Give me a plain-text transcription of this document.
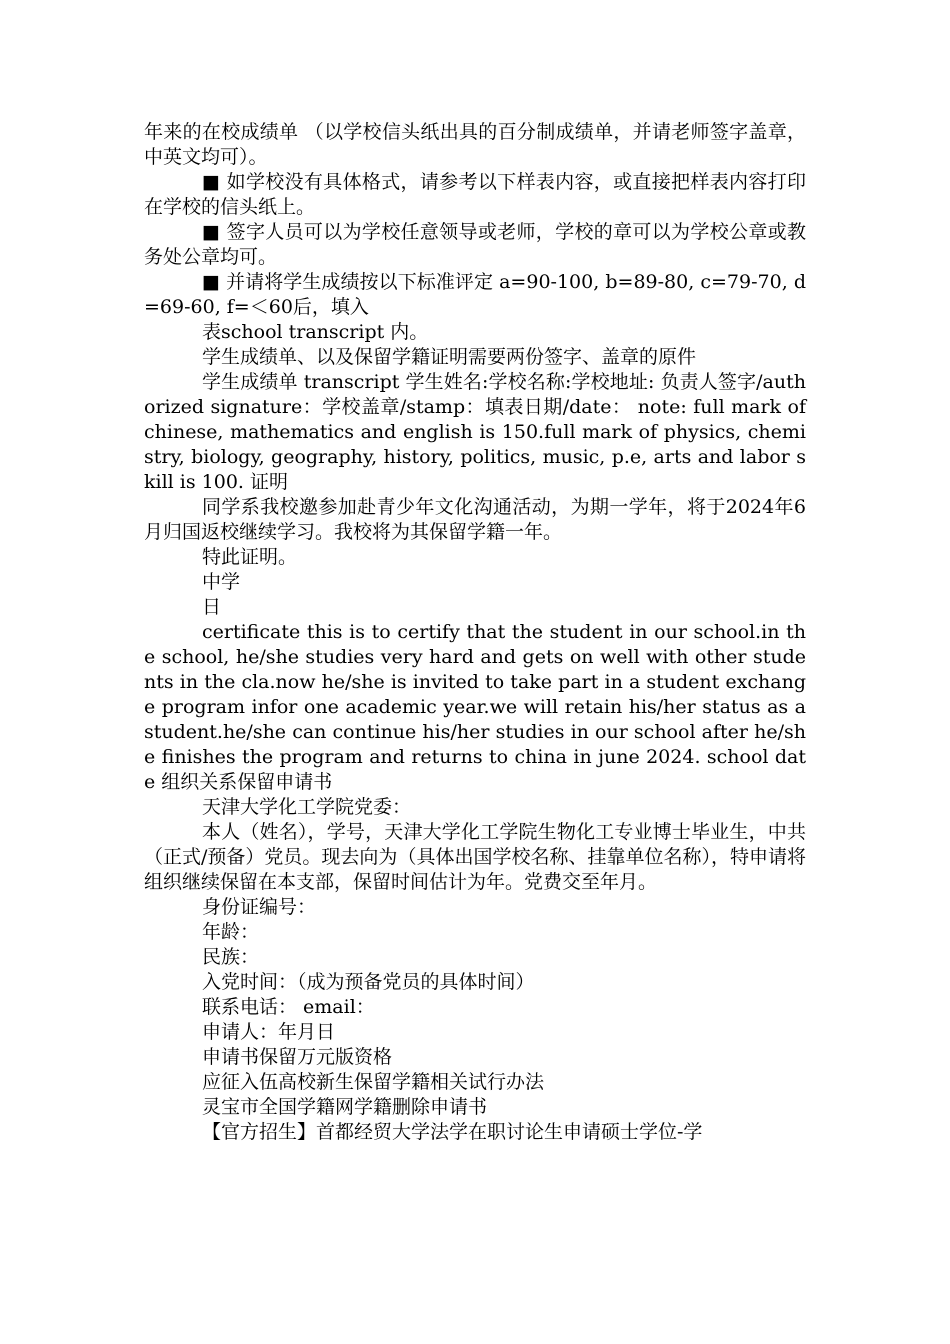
年来的在校成绩单 （以学校信头纸出具的百分制成绩单，并请老师签字盖章，中英文均可）。

■ 如学校没有具体格式，请参考以下样表内容，或直接把样表内容打印在学校的信头纸上。

■ 签字人员可以为学校任意领导或老师，学校的章可以为学校公章或教务处公章均可。

■ 并请将学生成绩按以下标准评定 a=90-100, b=89-80, c=79-70, d=69-60, f=＜60后，填入

表school transcript 内。

学生成绩单、以及保留学籍证明需要两份签字、盖章的原件

学生成绩单 transcript 学生姓名:学校名称:学校地址: 负责人签字/authorized signature：学校盖章/stamp：填表日期/date： note: full mark of chinese, mathematics and english is 150.full mark of physics, chemistry, biology, geography, history, politics, music, p.e, arts and labor skill is 100. 证明

同学系我校邀参加赴青少年文化沟通活动，为期一学年，将于2024年6月归国返校继续学习。我校将为其保留学籍一年。

特此证明。

中学

日

certificate this is to certify that the student in our school.in the school, he/she studies very hard and gets on well with other students in the cla.now he/she is invited to take part in a student exchange program infor one academic year.we will retain his/her status as a student.he/she can continue his/her studies in our school after he/she finishes the program and returns to china in june 2024. school date 组织关系保留申请书

天津大学化工学院党委：

本人（姓名），学号，天津大学化工学院生物化工专业博士毕业生，中共（正式/预备）党员。现去向为（具体出国学校名称、挂靠单位名称），特申请将组织继续保留在本支部，保留时间估计为年。党费交至年月。

身份证编号：

年龄：

民族：

入党时间：（成为预备党员的具体时间）

联系电话： email：

申请人：年月日

申请书保留万元版资格

应征入伍高校新生保留学籍相关试行办法

灵宝市全国学籍网学籍删除申请书

【官方招生】首都经贸大学法学在职讨论生申请硕士学位-学
